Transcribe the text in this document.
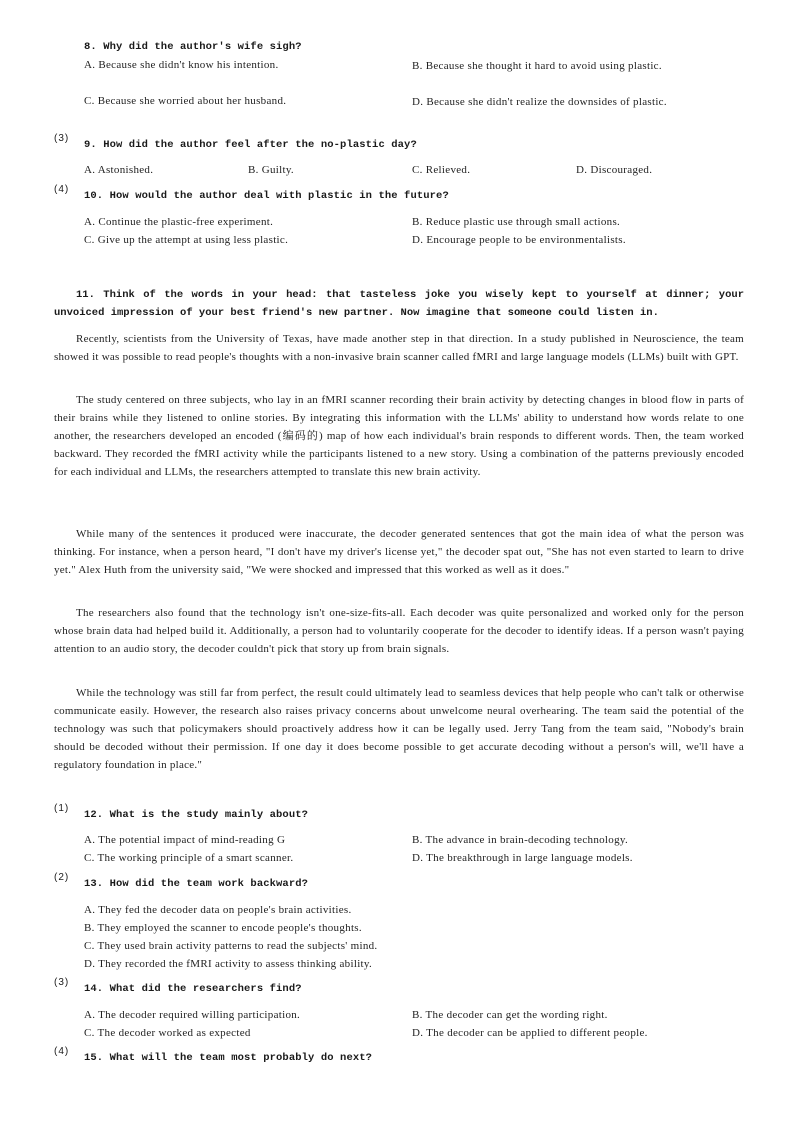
8. Why did the author's wife sigh?
A. Because she didn't know his intention.	B. Because she thought it hard to avoid using plastic.
C. Because she worried about her husband.	D. Because she didn't realize the downsides of plastic.
(3)
9. How did the author feel after the no-plastic day?
A. Astonished.	B. Guilty.	C. Relieved.	D. Discouraged.
(4)
10. How would the author deal with plastic in the future?
A. Continue the plastic-free experiment.	B. Reduce plastic use through small actions.
C. Give up the attempt at using less plastic.	D. Encourage people to be environmentalists.
11. Think of the words in your head: that tasteless joke you wisely kept to yourself at dinner; your unvoiced impression of your best friend's new partner. Now imagine that someone could listen in.
Recently, scientists from the University of Texas, have made another step in that direction. In a study published in Neuroscience, the team showed it was possible to read people's thoughts with a non-invasive brain scanner called fMRI and large language models (LLMs) built with GPT.
The study centered on three subjects, who lay in an fMRI scanner recording their brain activity by detecting changes in blood flow in parts of their brains while they listened to online stories. By integrating this information with the LLMs' ability to understand how words relate to one another, the researchers developed an encoded (编码的) map of how each individual's brain responds to different words. Then, the team worked backward. They recorded the fMRI activity while the participants listened to a new story. Using a combination of the patterns previously encoded for each individual and LLMs, the researchers attempted to translate this new brain activity.
While many of the sentences it produced were inaccurate, the decoder generated sentences that got the main idea of what the person was thinking. For instance, when a person heard, "I don't have my driver's license yet," the decoder spat out, "She has not even started to learn to drive yet." Alex Huth from the university said, "We were shocked and impressed that this worked as well as it does."
The researchers also found that the technology isn't one-size-fits-all. Each decoder was quite personalized and worked only for the person whose brain data had helped build it. Additionally, a person had to voluntarily cooperate for the decoder to identify ideas. If a person wasn't paying attention to an audio story, the decoder couldn't pick that story up from brain signals.
While the technology was still far from perfect, the result could ultimately lead to seamless devices that help people who can't talk or otherwise communicate easily. However, the research also raises privacy concerns about unwelcome neural overhearing. The team said the potential of the technology was such that policymakers should proactively address how it can be legally used. Jerry Tang from the team said, "Nobody's brain should be decoded without their permission. If one day it does become possible to get accurate decoding without a person's will, we'll have a regulatory foundation in place."
(1)
12. What is the study mainly about?
A. The potential impact of mind-reading G	B. The advance in brain-decoding technology.
C. The working principle of a smart scanner.	D. The breakthrough in large language models.
(2)
13. How did the team work backward?
A. They fed the decoder data on people's brain activities.
B. They employed the scanner to encode people's thoughts.
C. They used brain activity patterns to read the subjects' mind.
D. They recorded the fMRI activity to assess thinking ability.
(3)
14. What did the researchers find?
A. The decoder required willing participation.	B. The decoder can get the wording right.
C. The decoder worked as expected	D. The decoder can be applied to different people.
(4)
15. What will the team most probably do next?
